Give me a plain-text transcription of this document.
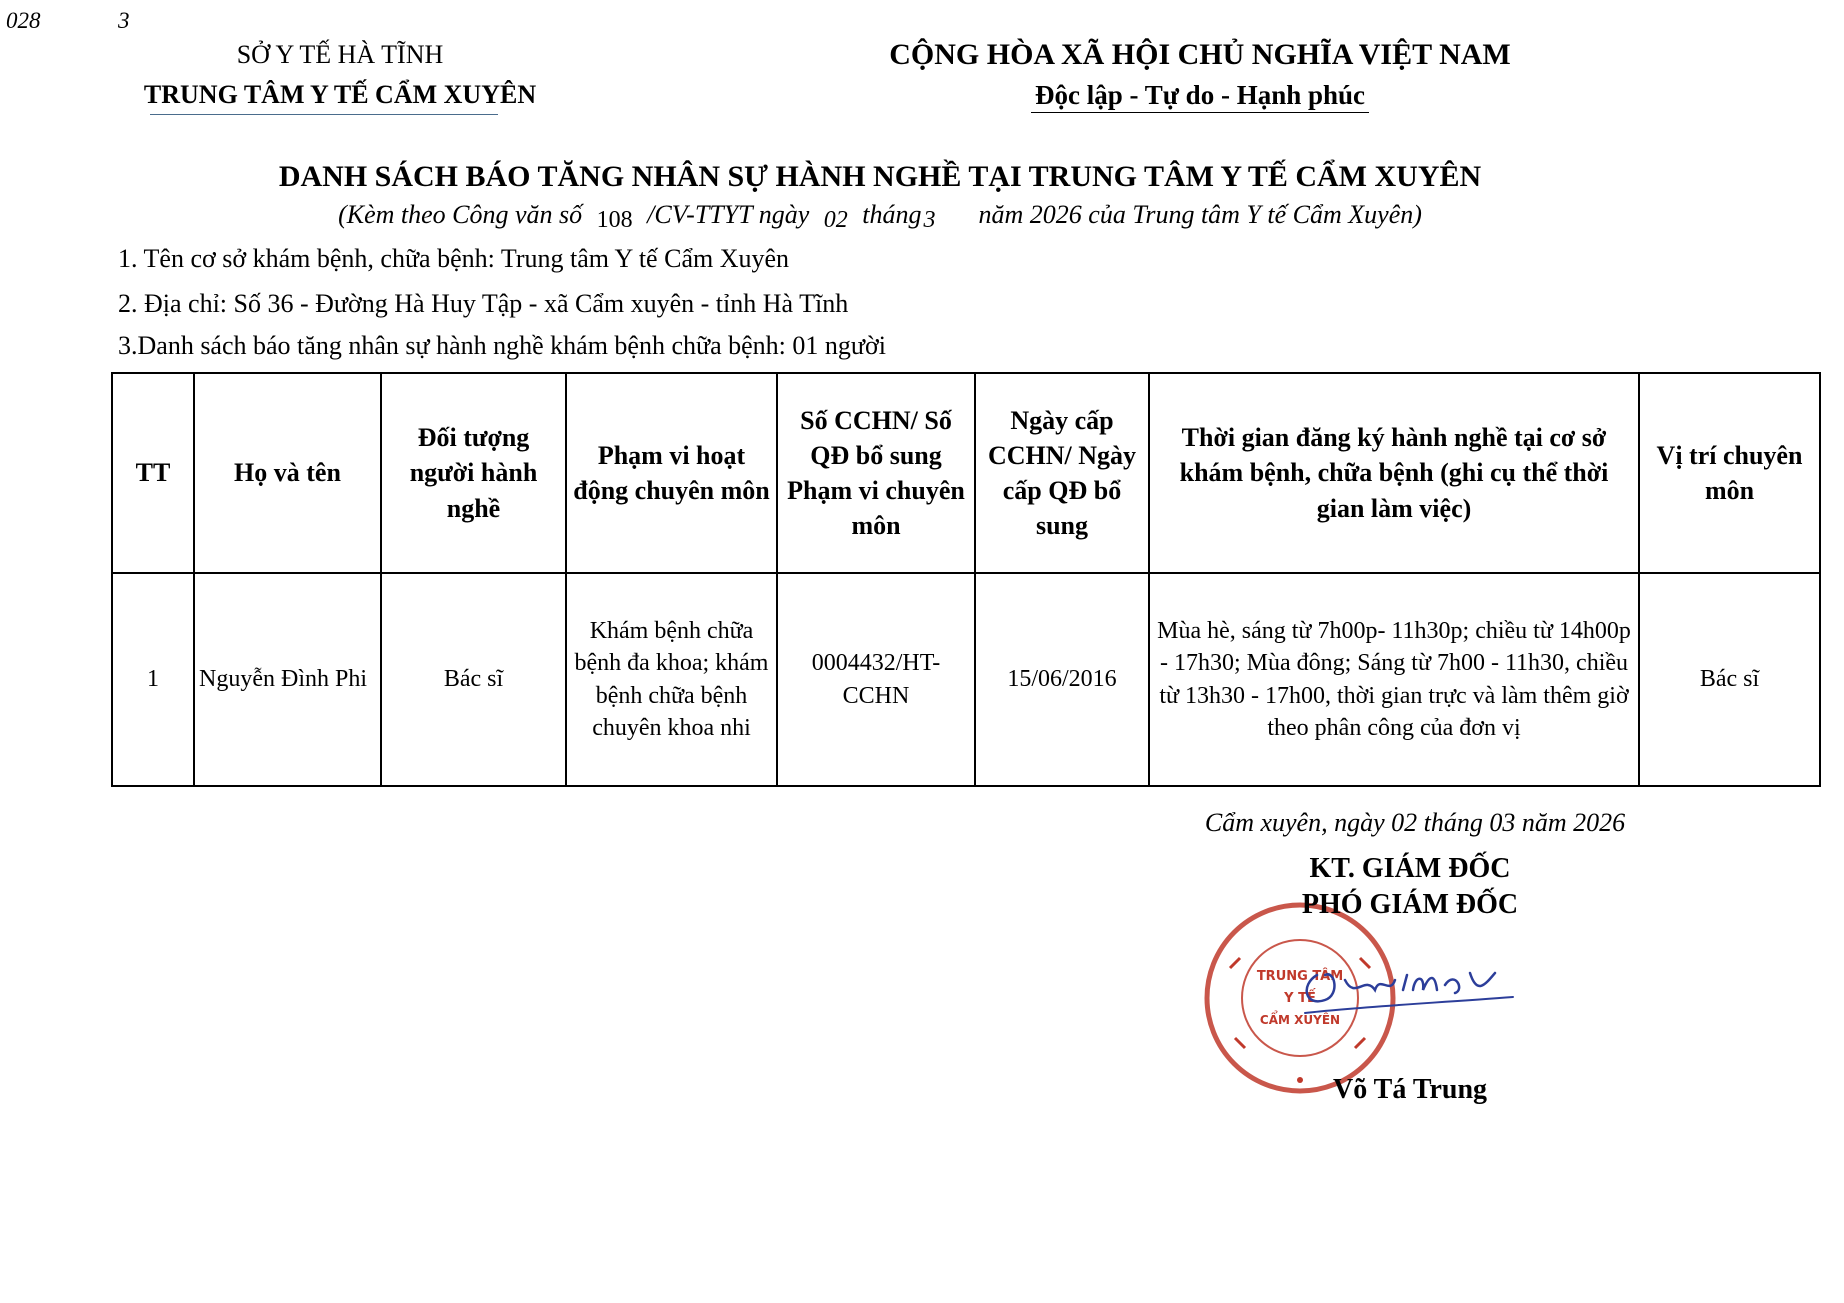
028	3
SỞ Y TẾ HÀ TĨNH
TRUNG TÂM Y TẾ CẨM XUYÊN
CỘNG HÒA XÃ HỘI CHỦ NGHĨA VIỆT NAM
Độc lập - Tự do - Hạnh phúc
DANH SÁCH BÁO TĂNG NHÂN SỰ HÀNH NGHỀ TẠI TRUNG TÂM Y TẾ CẨM XUYÊN
(Kèm theo Công văn số 108 /CV-TTYT ngày 02 tháng3 năm 2026 của Trung tâm Y tế Cẩm Xuyên)
1. Tên cơ sở khám bệnh, chữa bệnh: Trung tâm Y tế Cẩm Xuyên
2. Địa chỉ: Số 36 - Đường Hà Huy Tập - xã Cẩm xuyên - tỉnh Hà Tĩnh
3.Danh sách báo tăng nhân sự hành nghề khám bệnh chữa bệnh: 01 người
TT	Họ và tên	Đối tượng người hành nghề	Phạm vi hoạt động chuyên môn	Số CCHN/ Số QĐ bổ sung Phạm vi chuyên môn	Ngày cấp CCHN/ Ngày cấp QĐ bổ sung	Thời gian đăng ký hành nghề tại cơ sở khám bệnh, chữa bệnh (ghi cụ thể thời gian làm việc)	Vị trí chuyên môn
1	Nguyễn Đình Phi	Bác sĩ	Khám bệnh chữa bệnh đa khoa; khám bệnh chữa bệnh chuyên khoa nhi	0004432/HT-CCHN	15/06/2016	Mùa hè, sáng từ 7h00p- 11h30p; chiều từ 14h00p - 17h30; Mùa đông; Sáng từ 7h00 - 11h30, chiều từ 13h30 - 17h00, thời gian trực và làm thêm giờ theo phân công của đơn vị	Bác sĩ
Cẩm xuyên, ngày 02 tháng 03 năm 2026
KT. GIÁM ĐỐC
TRUNG TÂM
Y TẾ
CẨM XUYÊN
PHÓ GIÁM ĐỐC
Võ Tá Trung
